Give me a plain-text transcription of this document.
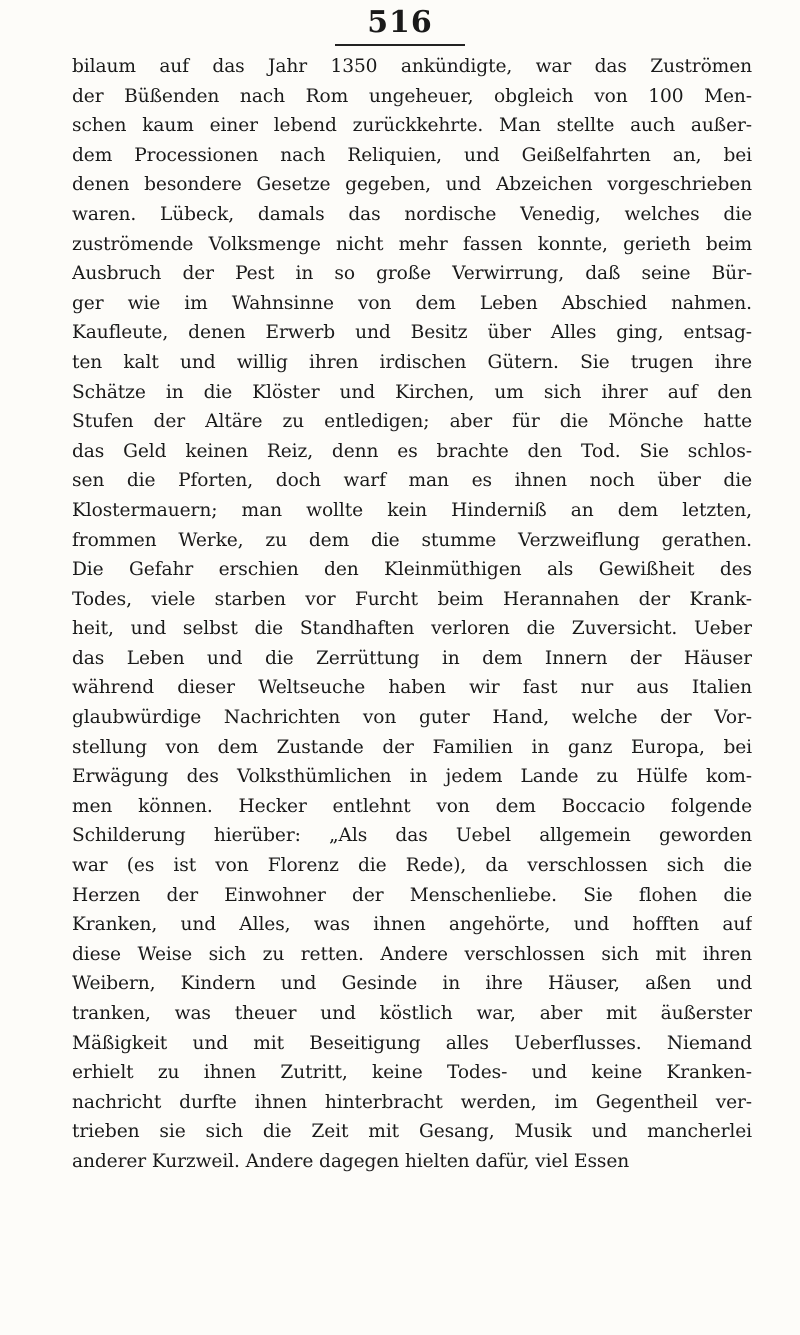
516
bilaum auf das Jahr 1350 ankündigte, war das Zuströmen
der Büßenden nach Rom ungeheuer, obgleich von 100 Men-
schen kaum einer lebend zurückkehrte. Man stellte auch außer-
dem Processionen nach Reliquien, und Geißelfahrten an, bei
denen besondere Gesetze gegeben, und Abzeichen vorgeschrieben
waren. Lübeck, damals das nordische Venedig, welches die
zuströmende Volksmenge nicht mehr fassen konnte, gerieth beim
Ausbruch der Pest in so große Verwirrung, daß seine Bür-
ger wie im Wahnsinne von dem Leben Abschied nahmen.
Kaufleute, denen Erwerb und Besitz über Alles ging, entsag-
ten kalt und willig ihren irdischen Gütern. Sie trugen ihre
Schätze in die Klöster und Kirchen, um sich ihrer auf den
Stufen der Altäre zu entledigen; aber für die Mönche hatte
das Geld keinen Reiz, denn es brachte den Tod. Sie schlos-
sen die Pforten, doch warf man es ihnen noch über die
Klostermauern; man wollte kein Hinderniß an dem letzten,
frommen Werke, zu dem die stumme Verzweiflung gerathen.
Die Gefahr erschien den Kleinmüthigen als Gewißheit des
Todes, viele starben vor Furcht beim Herannahen der Krank-
heit, und selbst die Standhaften verloren die Zuversicht. Ueber
das Leben und die Zerrüttung in dem Innern der Häuser
während dieser Weltseuche haben wir fast nur aus Italien
glaubwürdige Nachrichten von guter Hand, welche der Vor-
stellung von dem Zustande der Familien in ganz Europa, bei
Erwägung des Volksthümlichen in jedem Lande zu Hülfe kom-
men können. Hecker entlehnt von dem Boccacio folgende
Schilderung hierüber: „Als das Uebel allgemein geworden
war (es ist von Florenz die Rede), da verschlossen sich die
Herzen der Einwohner der Menschenliebe. Sie flohen die
Kranken, und Alles, was ihnen angehörte, und hofften auf
diese Weise sich zu retten. Andere verschlossen sich mit ihren
Weibern, Kindern und Gesinde in ihre Häuser, aßen und
tranken, was theuer und köstlich war, aber mit äußerster
Mäßigkeit und mit Beseitigung alles Ueberflusses. Niemand
erhielt zu ihnen Zutritt, keine Todes- und keine Kranken-
nachricht durfte ihnen hinterbracht werden, im Gegentheil ver-
trieben sie sich die Zeit mit Gesang, Musik und mancherlei
anderer Kurzweil. Andere dagegen hielten dafür, viel Essen
